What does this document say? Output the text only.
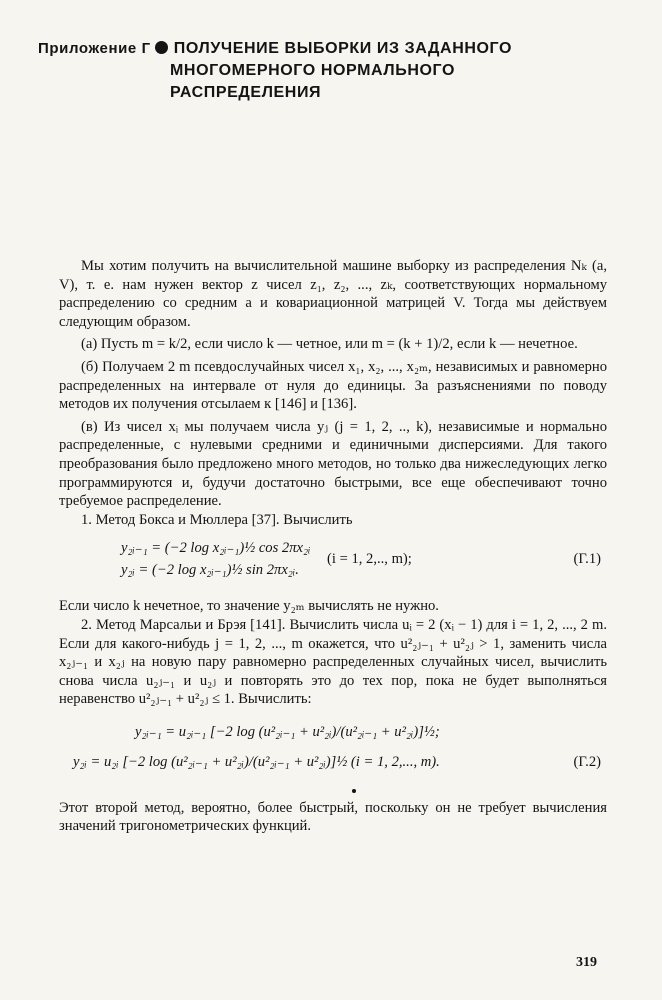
Приложение Г ПОЛУЧЕНИЕ ВЫБОРКИ ИЗ ЗАДАННОГО
МНОГОМЕРНОГО НОРМАЛЬНОГО
РАСПРЕДЕЛЕНИЯ

Мы хотим получить на вычислительной машине выборку из распределения Nₖ (a, V), т. е. нам нужен вектор z чисел z₁, z₂, ..., zₖ, соответствующих нормальному распределению со средним a и ковариационной матрицей V. Тогда мы действуем следующим образом.

(а) Пусть m = k/2, если число k — четное, или m = (k + 1)/2, если k — нечетное.

(б) Получаем 2 m псевдослучайных чисел x₁, x₂, ..., x₂ₘ, независимых и равномерно распределенных на интервале от нуля до единицы. За разъяснениями по поводу методов их получения отсылаем к [146] и [136].

(в) Из чисел xᵢ мы получаем числа yⱼ (j = 1, 2, .., k), независимые и нормально распределенные, с нулевыми средними и единичными дисперсиями. Для такого преобразования было предложено много методов, но только два нижеследующих легко программируются и, будучи достаточно быстрыми, все еще обеспечивают точно требуемое распределение.

1. Метод Бокса и Мюллера [37]. Вычислить

y₂ᵢ₋₁ = (−2 log x₂ᵢ₋₁)½ cos 2πx₂ᵢ
y₂ᵢ = (−2 log x₂ᵢ₋₁)½ sin 2πx₂ᵢ.
(i = 1, 2,.., m);	(Г.1)

Если число k нечетное, то значение y₂ₘ вычислять не нужно.

2. Метод Марсальи и Брэя [141]. Вычислить числа uᵢ = 2 (xᵢ − 1) для i = 1, 2, ..., 2 m. Если для какого-нибудь j = 1, 2, ..., m окажется, что u²₂ⱼ₋₁ + u²₂ⱼ > 1, заменить числа x₂ⱼ₋₁ и x₂ⱼ на новую пару равномерно распределенных случайных чисел, вычислить снова числа u₂ⱼ₋₁ и u₂ⱼ и повторять это до тех пор, пока не будет выполняться неравенство u²₂ⱼ₋₁ + u²₂ⱼ ≤ 1. Вычислить:

y₂ᵢ₋₁ = u₂ᵢ₋₁ [−2 log (u²₂ᵢ₋₁ + u²₂ᵢ)/(u²₂ᵢ₋₁ + u²₂ᵢ)]½;
y₂ᵢ = u₂ᵢ [−2 log (u²₂ᵢ₋₁ + u²₂ᵢ)/(u²₂ᵢ₋₁ + u²₂ᵢ)]½ (i = 1, 2,..., m).	(Г.2)

Этот второй метод, вероятно, более быстрый, поскольку он не требует вычисления значений тригонометрических функций.

319
